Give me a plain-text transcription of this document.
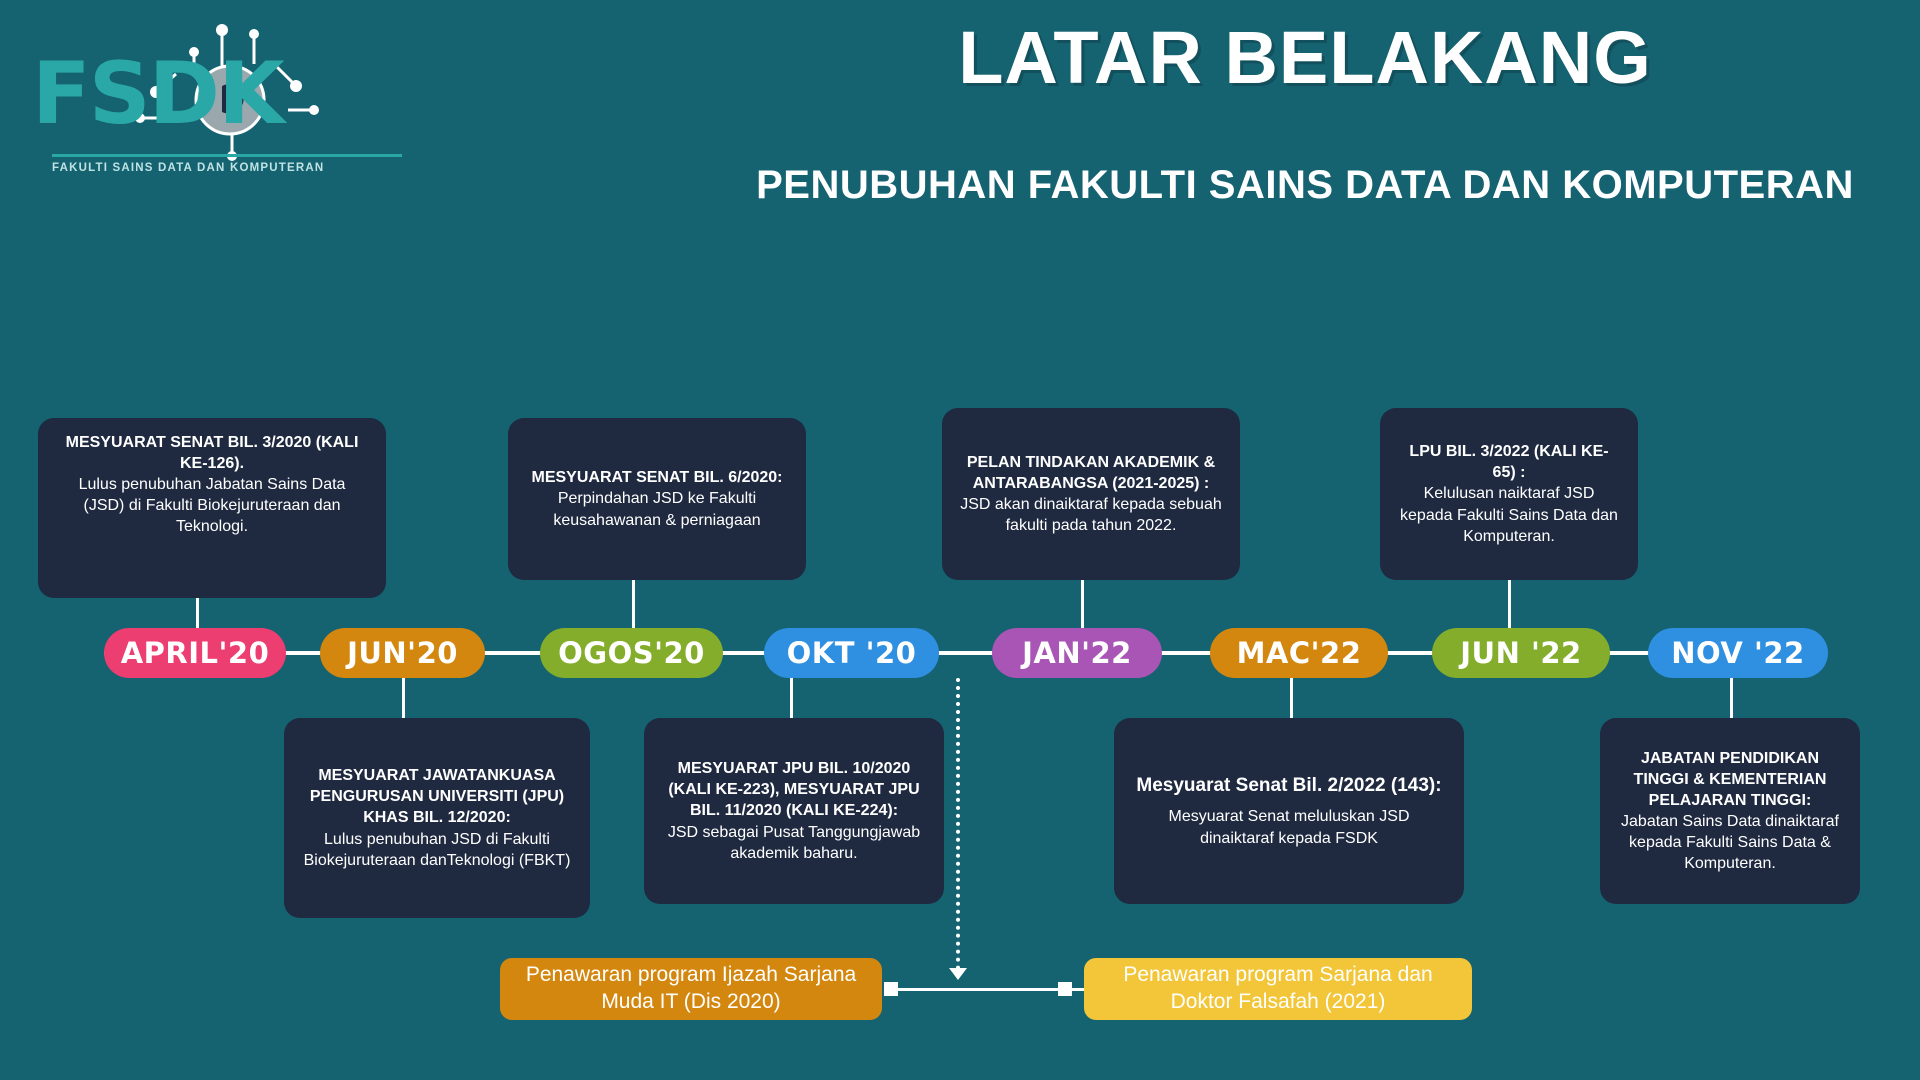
FSDK
FAKULTI SAINS DATA DAN KOMPUTERAN
LATAR BELAKANG
PENUBUHAN FAKULTI SAINS DATA DAN KOMPUTERAN
MESYUARAT SENAT BIL. 3/2020 (KALI KE-126).
Lulus penubuhan Jabatan Sains Data (JSD) di Fakulti Biokejuruteraan dan Teknologi.
MESYUARAT SENAT BIL. 6/2020:
Perpindahan JSD ke Fakulti keusahawanan & perniagaan
PELAN TINDAKAN AKADEMIK & ANTARABANGSA (2021-2025) :
JSD akan dinaiktaraf kepada sebuah fakulti pada tahun 2022.
LPU BIL. 3/2022 (KALI KE-65) :
Kelulusan naiktaraf JSD kepada Fakulti Sains Data dan Komputeran.
APRIL'20	JUN'20	OGOS'20	OKT '20	JAN'22	MAC'22	JUN '22	NOV '22
MESYUARAT JAWATANKUASA PENGURUSAN UNIVERSITI (JPU) KHAS BIL. 12/2020:
Lulus penubuhan JSD di Fakulti Biokejuruteraan danTeknologi (FBKT)
MESYUARAT JPU BIL. 10/2020 (KALI KE-223), MESYUARAT JPU BIL. 11/2020 (KALI KE-224):
JSD sebagai Pusat Tanggungjawab akademik baharu.
Mesyuarat Senat Bil. 2/2022 (143):
Mesyuarat Senat meluluskan JSD dinaiktaraf kepada FSDK
JABATAN PENDIDIKAN TINGGI & KEMENTERIAN PELAJARAN TINGGI:
Jabatan Sains Data dinaiktaraf kepada Fakulti Sains Data & Komputeran.
Penawaran program Ijazah Sarjana Muda IT (Dis 2020)
Penawaran program Sarjana dan Doktor Falsafah (2021)
